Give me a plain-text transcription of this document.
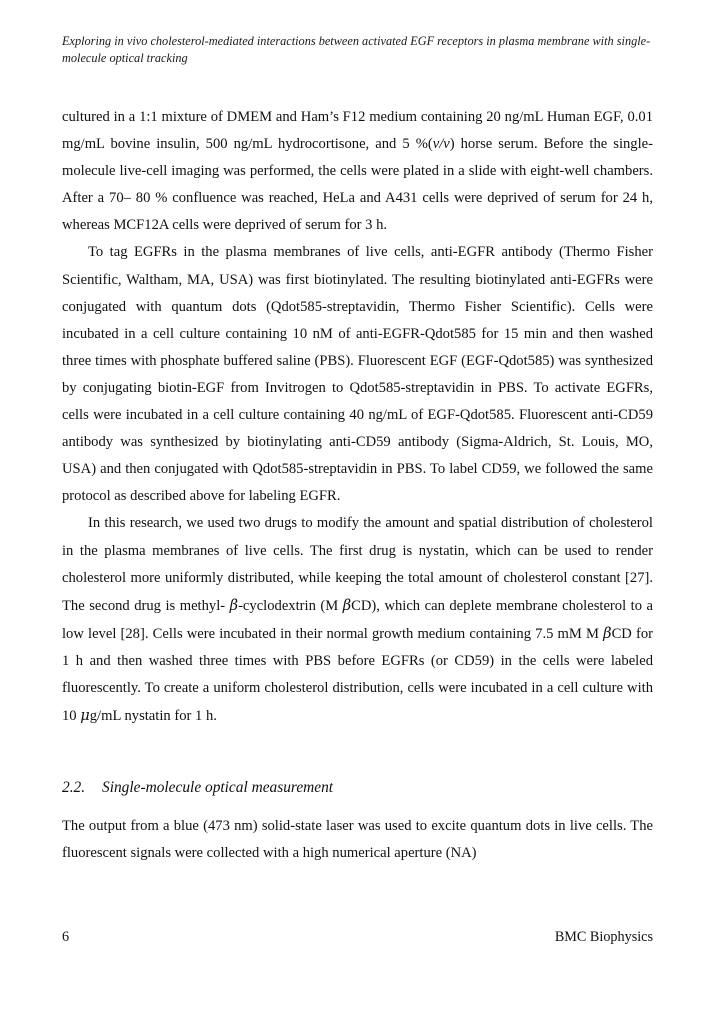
Exploring in vivo cholesterol-mediated interactions between activated EGF receptors in plasma membrane with single-molecule optical tracking

cultured in a 1:1 mixture of DMEM and Ham’s F12 medium containing 20 ng/mL Human EGF, 0.01 mg/mL bovine insulin, 500 ng/mL hydrocortisone, and 5 %(v/v) horse serum. Before the single-molecule live-cell imaging was performed, the cells were plated in a slide with eight-well chambers. After a 70– 80 % confluence was reached, HeLa and A431 cells were deprived of serum for 24 h, whereas MCF12A cells were deprived of serum for 3 h.

To tag EGFRs in the plasma membranes of live cells, anti-EGFR antibody (Thermo Fisher Scientific, Waltham, MA, USA) was first biotinylated. The resulting biotinylated anti-EGFRs were conjugated with quantum dots (Qdot585-streptavidin, Thermo Fisher Scientific). Cells were incubated in a cell culture containing 10 nM of anti-EGFR-Qdot585 for 15 min and then washed three times with phosphate buffered saline (PBS). Fluorescent EGF (EGF-Qdot585) was synthesized by conjugating biotin-EGF from Invitrogen to Qdot585-streptavidin in PBS. To activate EGFRs, cells were incubated in a cell culture containing 40 ng/mL of EGF-Qdot585. Fluorescent anti-CD59 antibody was synthesized by biotinylating anti-CD59 antibody (Sigma-Aldrich, St. Louis, MO, USA) and then conjugated with Qdot585-streptavidin in PBS. To label CD59, we followed the same protocol as described above for labeling EGFR.

In this research, we used two drugs to modify the amount and spatial distribution of cholesterol in the plasma membranes of live cells. The first drug is nystatin, which can be used to render cholesterol more uniformly distributed, while keeping the total amount of cholesterol constant [27]. The second drug is methyl- β-cyclodextrin (M βCD), which can deplete membrane cholesterol to a low level [28]. Cells were incubated in their normal growth medium containing 7.5 mM M βCD for 1 h and then washed three times with PBS before EGFRs (or CD59) in the cells were labeled fluorescently. To create a uniform cholesterol distribution, cells were incubated in a cell culture with 10 μg/mL nystatin for 1 h.

2.2. Single-molecule optical measurement

The output from a blue (473 nm) solid-state laser was used to excite quantum dots in live cells. The fluorescent signals were collected with a high numerical aperture (NA)

6	BMC Biophysics
